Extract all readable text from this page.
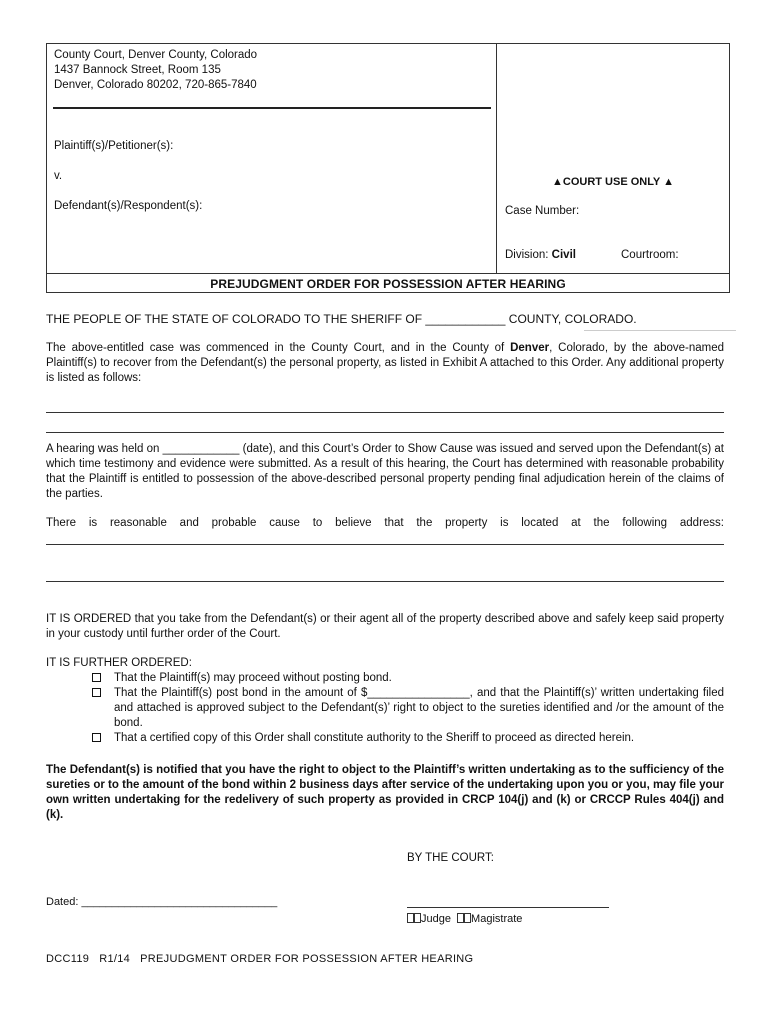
County Court, Denver County, Colorado
1437 Bannock Street, Room 135
Denver, Colorado 80202, 720-865-7840
Plaintiff(s)/Petitioner(s):
v.
Defendant(s)/Respondent(s):
▲COURT USE ONLY ▲
Case Number:
Division: Civil	Courtroom:
PREJUDGMENT ORDER FOR POSSESSION AFTER HEARING
THE PEOPLE OF THE STATE OF COLORADO TO THE SHERIFF OF ____________ COUNTY, COLORADO.
The above-entitled case was commenced in the County Court, and in the County of Denver, Colorado, by the above-named Plaintiff(s) to recover from the Defendant(s) the personal property, as listed in Exhibit A attached to this Order. Any additional property is listed as follows:
A hearing was held on ____________ (date), and this Court’s Order to Show Cause was issued and served upon the Defendant(s) at which time testimony and evidence were submitted. As a result of this hearing, the Court has determined with reasonable probability that the Plaintiff is entitled to possession of the above-described personal property pending final adjudication herein of the claims of the parties.
There is reasonable and probable cause to believe that the property is located at the following address:
IT IS ORDERED that you take from the Defendant(s) or their agent all of the property described above and safely keep said property in your custody until further order of the Court.
IT IS FURTHER ORDERED:
That the Plaintiff(s) may proceed without posting bond.
That the Plaintiff(s) post bond in the amount of $________________, and that the Plaintiff(s)’ written undertaking filed and attached is approved subject to the Defendant(s)’ right to object to the sureties identified and /or the amount of the bond.
That a certified copy of this Order shall constitute authority to the Sheriff to proceed as directed herein.
The Defendant(s) is notified that you have the right to object to the Plaintiff’s written undertaking as to the sufficiency of the sureties or to the amount of the bond within 2 business days after service of the undertaking upon you or you, may file your own written undertaking for the redelivery of such property as provided in CRCP 104(j) and (k) or CRCCP Rules 404(j) and (k).
BY THE COURT:
Dated: ________________________________
Judge Magistrate
DCC119   R1/14   PREJUDGMENT ORDER FOR POSSESSION AFTER HEARING
